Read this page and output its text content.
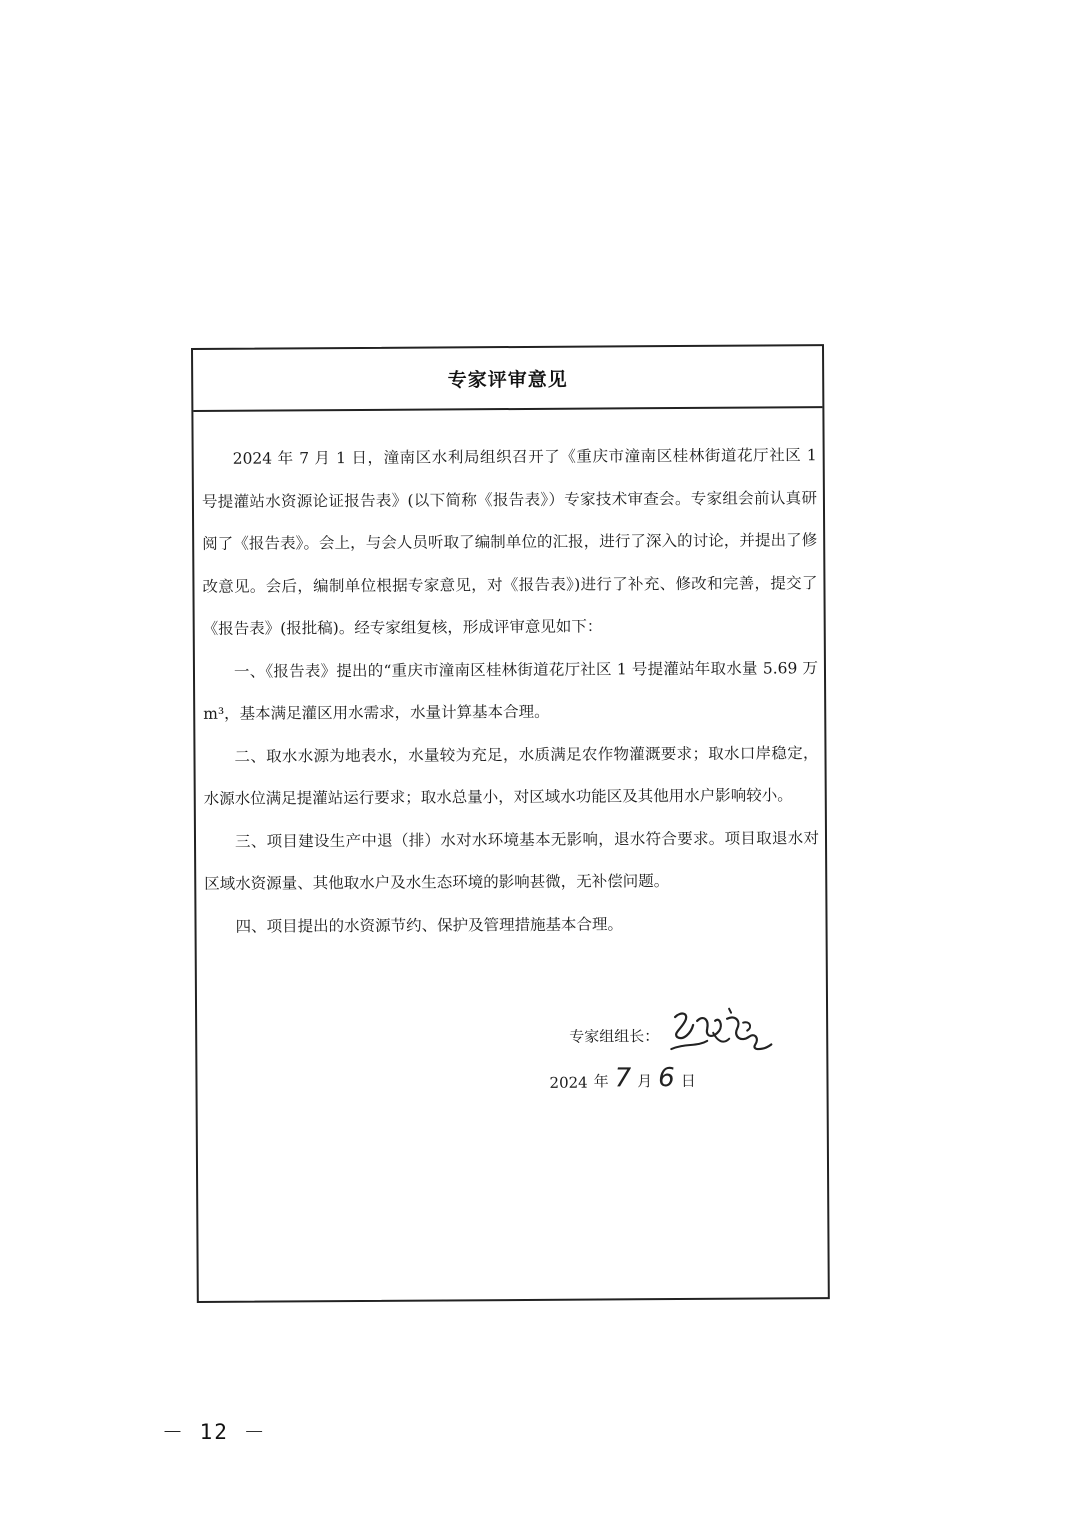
专家评审意见

2024 年 7 月 1 日，潼南区水利局组织召开了《重庆市潼南区桂林街道花厅社区 1 号提灌站水资源论证报告表》(以下简称《报告表》）专家技术审查会。专家组会前认真研阅了《报告表》。会上，与会人员听取了编制单位的汇报，进行了深入的讨论，并提出了修改意见。会后，编制单位根据专家意见，对《报告表》)进行了补充、修改和完善，提交了《报告表》(报批稿)。经专家组复核，形成评审意见如下：

一、《报告表》提出的“重庆市潼南区桂林街道花厅社区 1 号提灌站年取水量 5.69 万 m³，基本满足灌区用水需求，水量计算基本合理。

二、取水水源为地表水，水量较为充足，水质满足农作物灌溉要求；取水口岸稳定，水源水位满足提灌站运行要求；取水总量小，对区域水功能区及其他用水户影响较小。

三、项目建设生产中退（排）水对水环境基本无影响，退水符合要求。项目取退水对区域水资源量、其他取水户及水生态环境的影响甚微，无补偿问题。

四、项目提出的水资源节约、保护及管理措施基本合理。

专家组组长：
2024 年 7 月 6 日
－ 12 －
